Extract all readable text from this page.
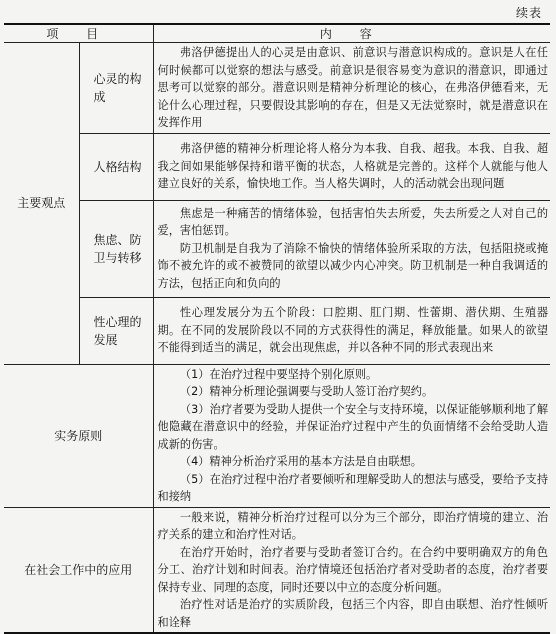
续表
项 目		内 容
主要观点	心灵的构成	弗洛伊德提出人的心灵是由意识、前意识与潜意识构成的。意识是人在任何时候都可以觉察的想法与感受。前意识是很容易变为意识的潜意识，即通过思考可以觉察的部分。潜意识则是精神分析理论的核心，在弗洛伊德看来，无论什么心理过程，只要假设其影响的存在，但是又无法觉察时，就是潜意识在发挥作用
	人格结构	弗洛伊德的精神分析理论将人格分为本我、自我、超我。本我、自我、超我之间如果能够保持和谐平衡的状态，人格就是完善的。这样个人就能与他人建立良好的关系，愉快地工作。当人格失调时，人的活动就会出现问题
	焦虑、防卫与转移	焦虑是一种痛苦的情绪体验，包括害怕失去所爱，失去所爱之人对自己的爱，害怕惩罚。
防卫机制是自我为了消除不愉快的情绪体验所采取的方法，包括阻挠或掩饰不被允许的或不被赞同的欲望以减少内心冲突。防卫机制是一种自我调适的方法，包括正向和负向的

	性心理的发展	性心理发展分为五个阶段：口腔期、肛门期、性蕾期、潜伏期、生殖器期。在不同的发展阶段以不同的方式获得性的满足，释放能量。如果人的欲望不能得到适当的满足，就会出现焦虑，并以各种不同的形式表现出来
实务原则		（1）在治疗过程中要坚持个别化原则。
（2）精神分析理论强调要与受助人签订治疗契约。
（3）治疗者要为受助人提供一个安全与支持环境，以保证能够顺利地了解他隐藏在潜意识中的经验，并保证治疗过程中产生的负面情绪不会给受助人造成新的伤害。
（4）精神分析治疗采用的基本方法是自由联想。
（5）在治疗过程中治疗者要倾听和理解受助人的想法与感受，要给予支持和接纳

在社会工作中的应用		一般来说，精神分析治疗过程可以分为三个部分，即治疗情境的建立、治疗关系的建立和治疗性对话。
在治疗开始时，治疗者要与受助者签订合约。在合约中要明确双方的角色分工、治疗计划和时间表。治疗情境还包括治疗者对受助者的态度，治疗者要保持专业、同理的态度，同时还要以中立的态度分析问题。
治疗性对话是治疗的实质阶段，包括三个内容，即自由联想、治疗性倾听和诠释
